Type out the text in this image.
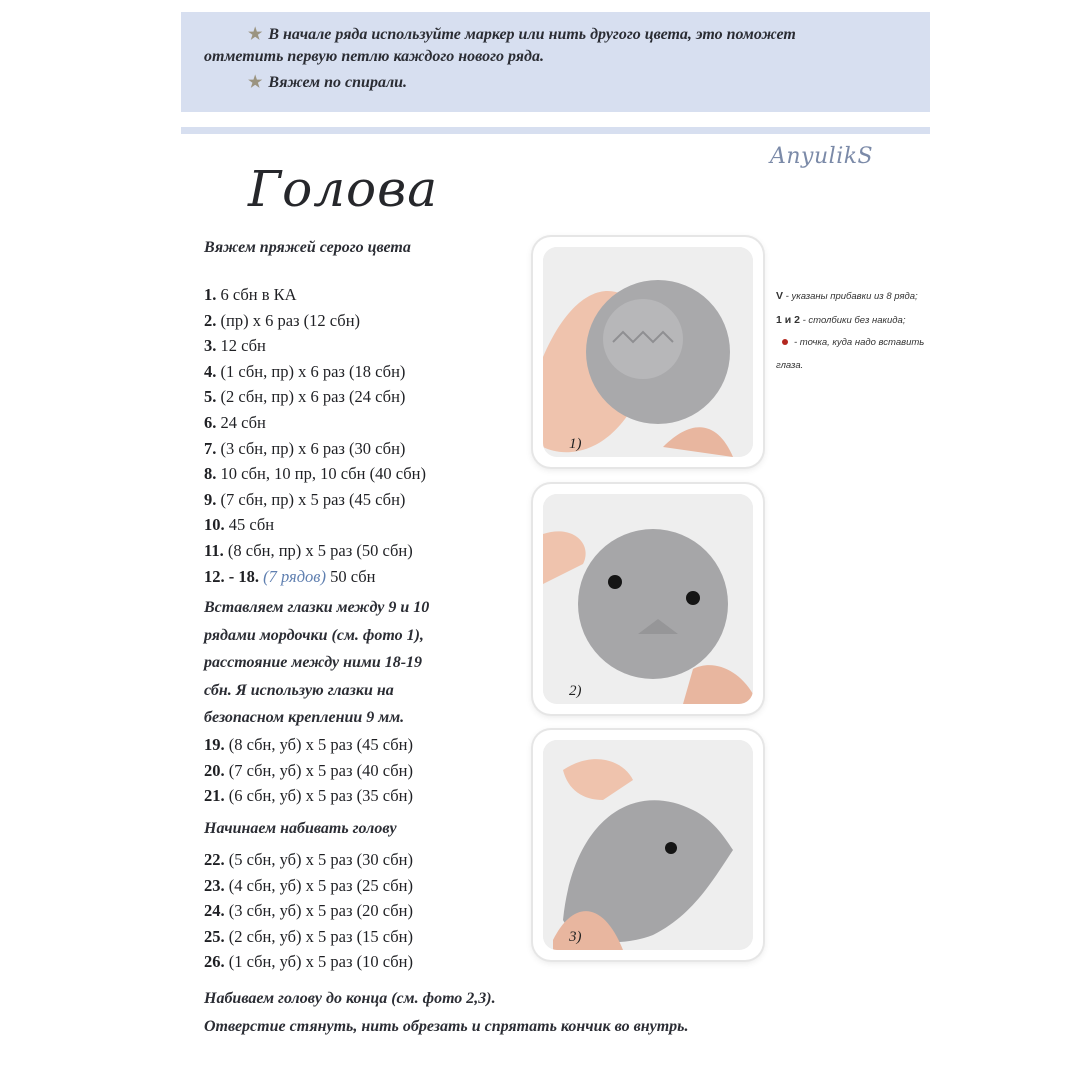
★ В начале ряда используйте маркер или нить другого цвета, это поможет
отметить первую петлю каждого нового ряда.
★ Вяжем по спирали.
AnyulikS
Голова
Вяжем пряжей серого цвета
1. 6 сбн в КА
2. (пр) х 6 раз (12 сбн)
3. 12 сбн
4. (1 сбн, пр) х 6 раз (18 сбн)
5. (2 сбн, пр) х 6 раз (24 сбн)
6. 24 сбн
7. (3 сбн, пр) х 6 раз (30 сбн)
8. 10 сбн, 10 пр, 10 сбн (40 сбн)
9. (7 сбн, пр) х 5 раз (45 сбн)
10. 45 сбн
11. (8 сбн, пр) х 5 раз (50 сбн)
12. - 18. (7 рядов) 50 сбн
Вставляем глазки между 9 и 10
рядами мордочки (см. фото 1),
расстояние между ними 18-19
сбн. Я использую глазки на
безопасном креплении 9 мм.
19. (8 сбн, уб) х 5 раз (45 сбн)
20. (7 сбн, уб) х 5 раз (40 сбн)
21. (6 сбн, уб) х 5 раз (35 сбн)
Начинаем набивать голову
22. (5 сбн, уб) х 5 раз (30 сбн)
23. (4 сбн, уб) х 5 раз (25 сбн)
24. (3 сбн, уб) х 5 раз (20 сбн)
25. (2 сбн, уб) х 5 раз (15 сбн)
26. (1 сбн, уб) х 5 раз (10 сбн)
Набиваем голову до конца (см. фото 2,3).
Отверстие стянуть, нить обрезать и спрятать кончик во внутрь.
1)
2)
3)
V - указаны прибавки из 8 ряда;
1 и 2 - столбики без накида;
- точка, куда надо вставить глаза.
